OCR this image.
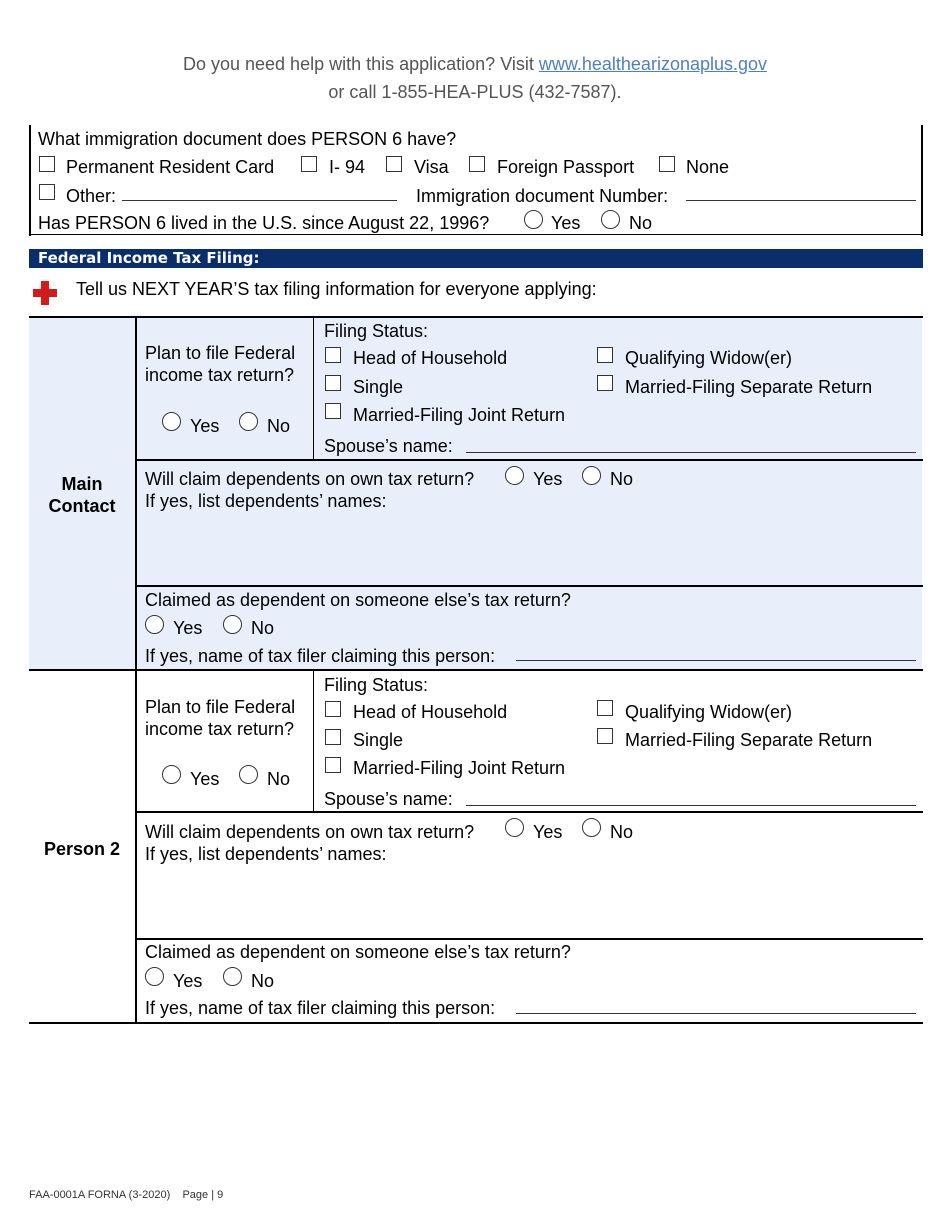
Do you need help with this application? Visit www.healthearizonaplus.gov
or call 1-855-HEA-PLUS (432-7587).
What immigration document does PERSON 6 have?
Permanent Resident Card	I- 94	Visa	Foreign Passport	None
Other:	Immigration document Number:
Has PERSON 6 lived in the U.S. since August 22, 1996?	Yes	No
Federal Income Tax Filing:
Tell us NEXT YEAR’S tax filing information for everyone applying:
Main
Contact
Plan to file Federal
income tax return?
Yes	No
Filing Status:
Head of Household	Qualifying Widow(er)
Single	Married-Filing Separate Return
Married-Filing Joint Return
Spouse’s name:
Will claim dependents on own tax return?	Yes	No
If yes, list dependents’ names:
Claimed as dependent on someone else’s tax return?
Yes	No
If yes, name of tax filer claiming this person:
Person 2
Plan to file Federal
income tax return?
Yes	No
Filing Status:
Head of Household	Qualifying Widow(er)
Single	Married-Filing Separate Return
Married-Filing Joint Return
Spouse’s name:
Will claim dependents on own tax return?	Yes	No
If yes, list dependents’ names:
Claimed as dependent on someone else’s tax return?
Yes	No
If yes, name of tax filer claiming this person:
FAA-0001A FORNA (3-2020) Page | 9
